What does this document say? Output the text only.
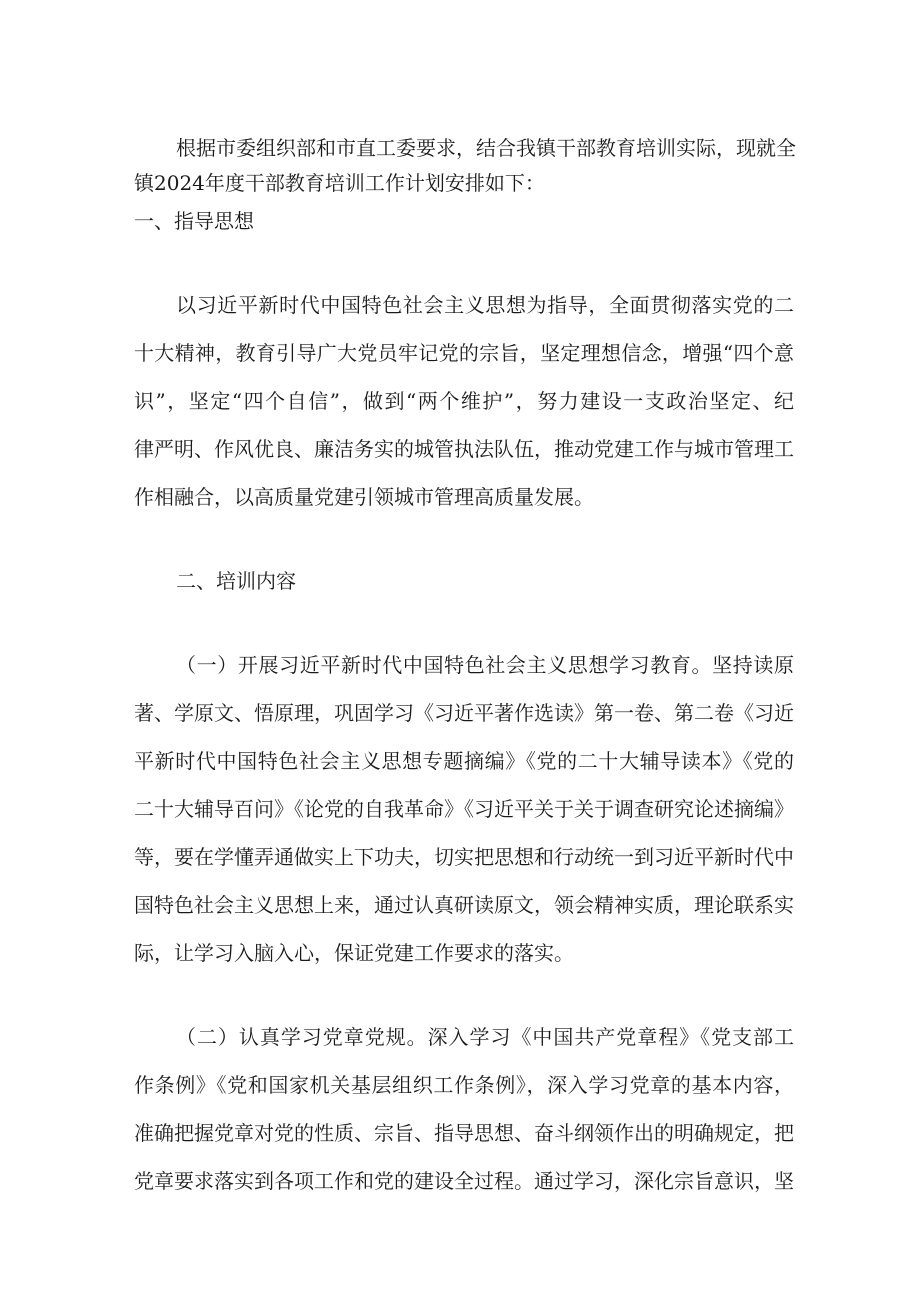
根据市委组织部和市直工委要求，结合我镇干部教育培训实际，现就全
镇2024年度干部教育培训工作计划安排如下：
一、指导思想
以习近平新时代中国特色社会主义思想为指导，全面贯彻落实党的二
十大精神，教育引导广大党员牢记党的宗旨，坚定理想信念，增强“四个意
识”，坚定“四个自信”，做到“两个维护”，努力建设一支政治坚定、纪
律严明、作风优良、廉洁务实的城管执法队伍，推动党建工作与城市管理工
作相融合，以高质量党建引领城市管理高质量发展。
二、培训内容
（一）开展习近平新时代中国特色社会主义思想学习教育。坚持读原
著、学原文、悟原理，巩固学习《习近平著作选读》第一卷、第二卷《习近
平新时代中国特色社会主义思想专题摘编》《党的二十大辅导读本》《党的
二十大辅导百问》《论党的自我革命》《习近平关于关于调查研究论述摘编》
等，要在学懂弄通做实上下功夫，切实把思想和行动统一到习近平新时代中
国特色社会主义思想上来，通过认真研读原文，领会精神实质，理论联系实
际，让学习入脑入心，保证党建工作要求的落实。
（二）认真学习党章党规。深入学习《中国共产党章程》《党支部工
作条例》《党和国家机关基层组织工作条例》，深入学习党章的基本内容，
准确把握党章对党的性质、宗旨、指导思想、奋斗纲领作出的明确规定，把
党章要求落实到各项工作和党的建设全过程。通过学习，深化宗旨意识，坚
